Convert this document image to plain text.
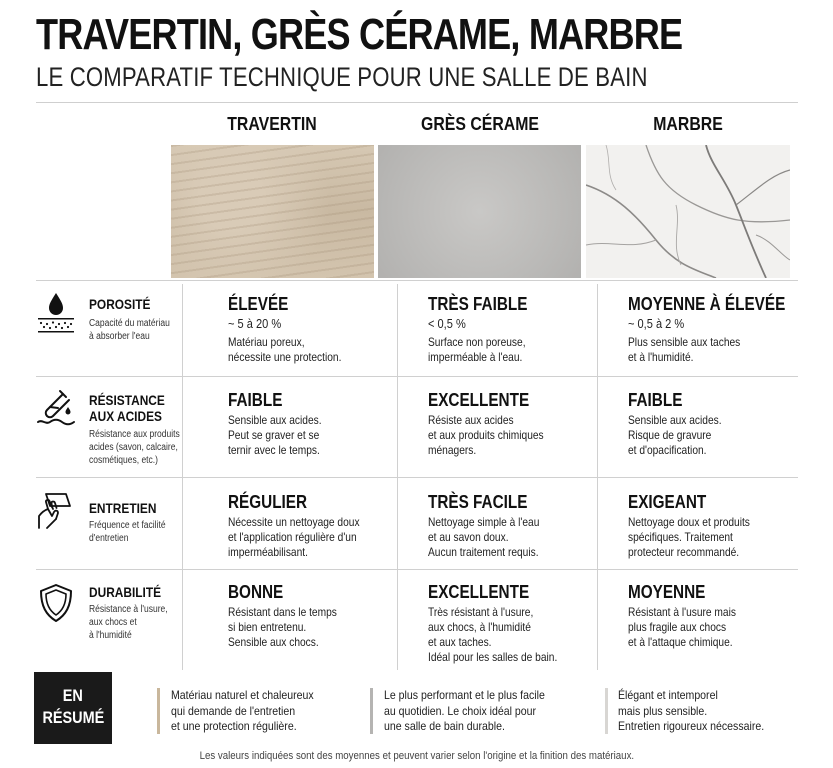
TRAVERTIN, GRÈS CÉRAME, MARBRE
LE COMPARATIF TECHNIQUE POUR UNE SALLE DE BAIN
TRAVERTIN	GRÈS CÉRAME	MARBRE
POROSITÉ
Capacité du matériau
à absorber l'eau
ÉLEVÉE
~ 5 à 20 %
Matériau poreux,
nécessite une protection.
TRÈS FAIBLE
< 0,5 %
Surface non poreuse,
imperméable à l'eau.
MOYENNE À ÉLEVÉE
~ 0,5 à 2 %
Plus sensible aux taches
et à l'humidité.
RÉSISTANCE
AUX ACIDES
Résistance aux produits
acides (savon, calcaire,
cosmétiques, etc.)
FAIBLE
Sensible aux acides.
Peut se graver et se
ternir avec le temps.
EXCELLENTE
Résiste aux acides
et aux produits chimiques
ménagers.
FAIBLE
Sensible aux acides.
Risque de gravure
et d'opacification.
ENTRETIEN
Fréquence et facilité
d'entretien
RÉGULIER
Nécessite un nettoyage doux
et l'application régulière d'un
imperméabilisant.
TRÈS FACILE
Nettoyage simple à l'eau
et au savon doux.
Aucun traitement requis.
EXIGEANT
Nettoyage doux et produits
spécifiques. Traitement
protecteur recommandé.
DURABILITÉ
Résistance à l'usure,
aux chocs et
à l'humidité
BONNE
Résistant dans le temps
si bien entretenu.
Sensible aux chocs.
EXCELLENTE
Très résistant à l'usure,
aux chocs, à l'humidité
et aux taches.
Idéal pour les salles de bain.
MOYENNE
Résistant à l'usure mais
plus fragile aux chocs
et à l'attaque chimique.
EN
RÉSUMÉ
Matériau naturel et chaleureux
qui demande de l'entretien
et une protection régulière.
Le plus performant et le plus facile
au quotidien. Le choix idéal pour
une salle de bain durable.
Élégant et intemporel
mais plus sensible.
Entretien rigoureux nécessaire.
Les valeurs indiquées sont des moyennes et peuvent varier selon l'origine et la finition des matériaux.
